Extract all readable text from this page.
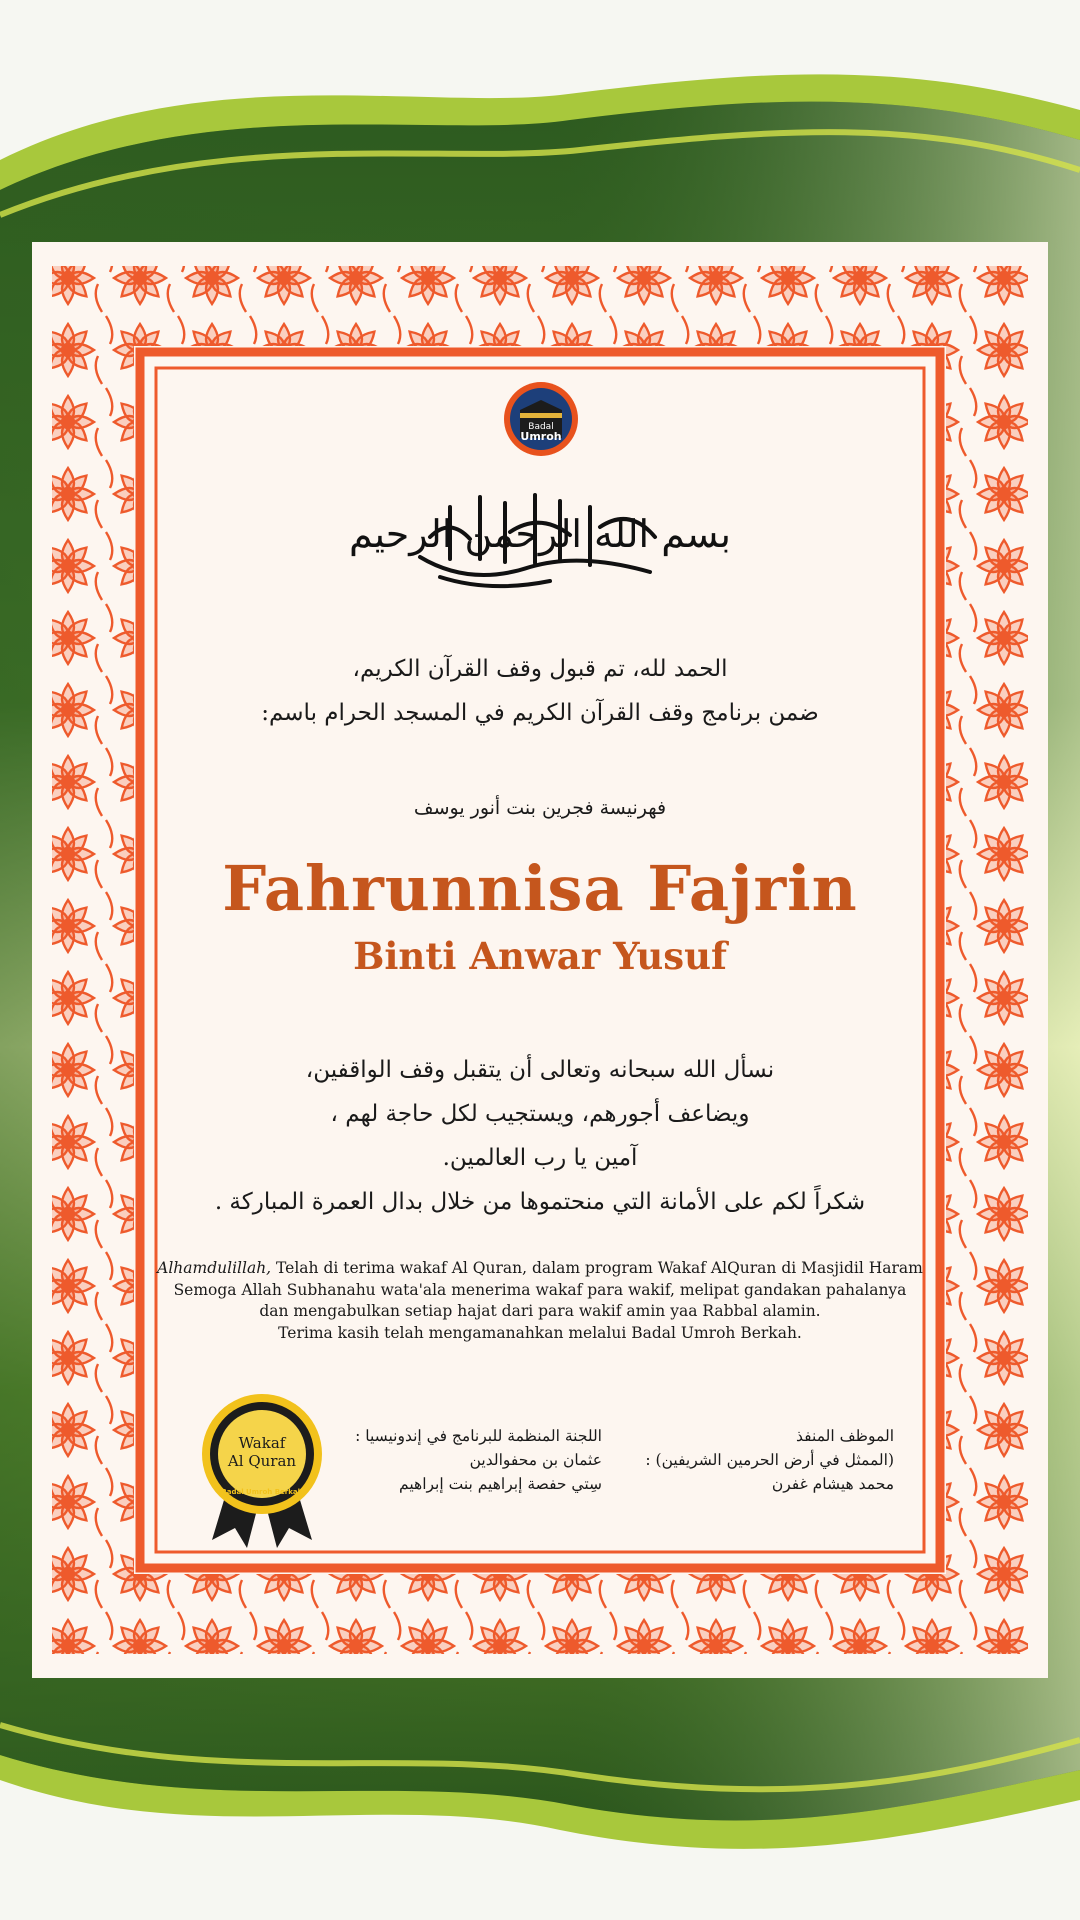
Badal
Umroh
بسم الله الرحمن الرحيم
الحمد لله، تم قبول وقف القرآن الكريم،
ضمن برنامج وقف القرآن الكريم في المسجد الحرام باسم:
فهرنيسة فجرين بنت أنور يوسف
Fahrunnisa Fajrin
Binti Anwar Yusuf
نسأل الله سبحانه وتعالى أن يتقبل وقف الواقفين،
ويضاعف أجورهم، ويستجيب لكل حاجة لهم ،
آمين يا رب العالمين.
شكراً لكم على الأمانة التي منحتموها من خلال بدال العمرة المباركة .
Alhamdulillah, Telah di terima wakaf Al Quran, dalam program Wakaf AlQuran di Masjidil Haram
Semoga Allah Subhanahu wata'ala menerima wakaf para wakif, melipat gandakan pahalanya
dan mengabulkan setiap hajat dari para wakif amin yaa Rabbal alamin.
Terima kasih telah mengamanahkan melalui Badal Umroh Berkah.
Wakaf
Al Quran
Badal Umroh Berkah
اللجنة المنظمة للبرنامج في إندونيسيا :
عثمان بن محفوالدين
سِتي حفصة إبراهيم بنت إبراهيم
الموظف المنفذ
(الممثل في أرض الحرمين الشريفين) :
محمد هيشام غفرن
